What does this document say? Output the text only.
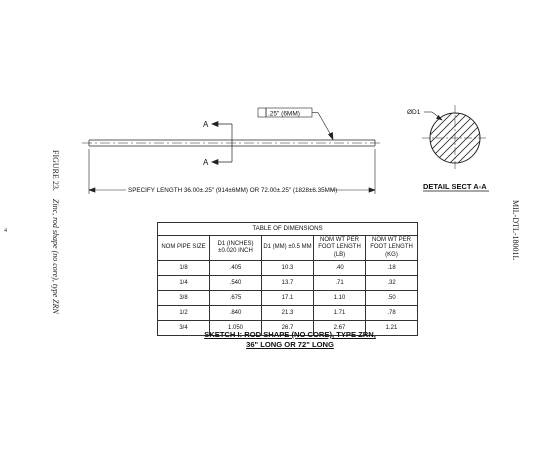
A
A
.25" (6MM)
SPECIFY LENGTH 36.00±.25" (914±6MM) OR 72.00±.25" (1828±6.35MM)
ØD1
DETAIL SECT A-A
FIGURE 23.Zinc, rod shape (no core), type ZRN	MIL-DTL-18001L
4	TABLE OF DIMENSIONS
NOM PIPE SIZE	D1 (INCHES) ±0.020 INCH	D1 (MM) ±0.5 MM	NOM WT PER FOOT LENGTH (LB)	NOM WT PER FOOT LENGTH (KG)
1/8	.405	10.3	.40	.18
1/4	.540	13.7	.71	.32
3/8	.675	17.1	1.10	.50
1/2	.840	21.3	1.71	.78
3/4	1.050	26.7	2.67	1.21
SKETCH I: ROD SHAPE (NO CORE), TYPE ZRN,
36" LONG OR 72" LONG
